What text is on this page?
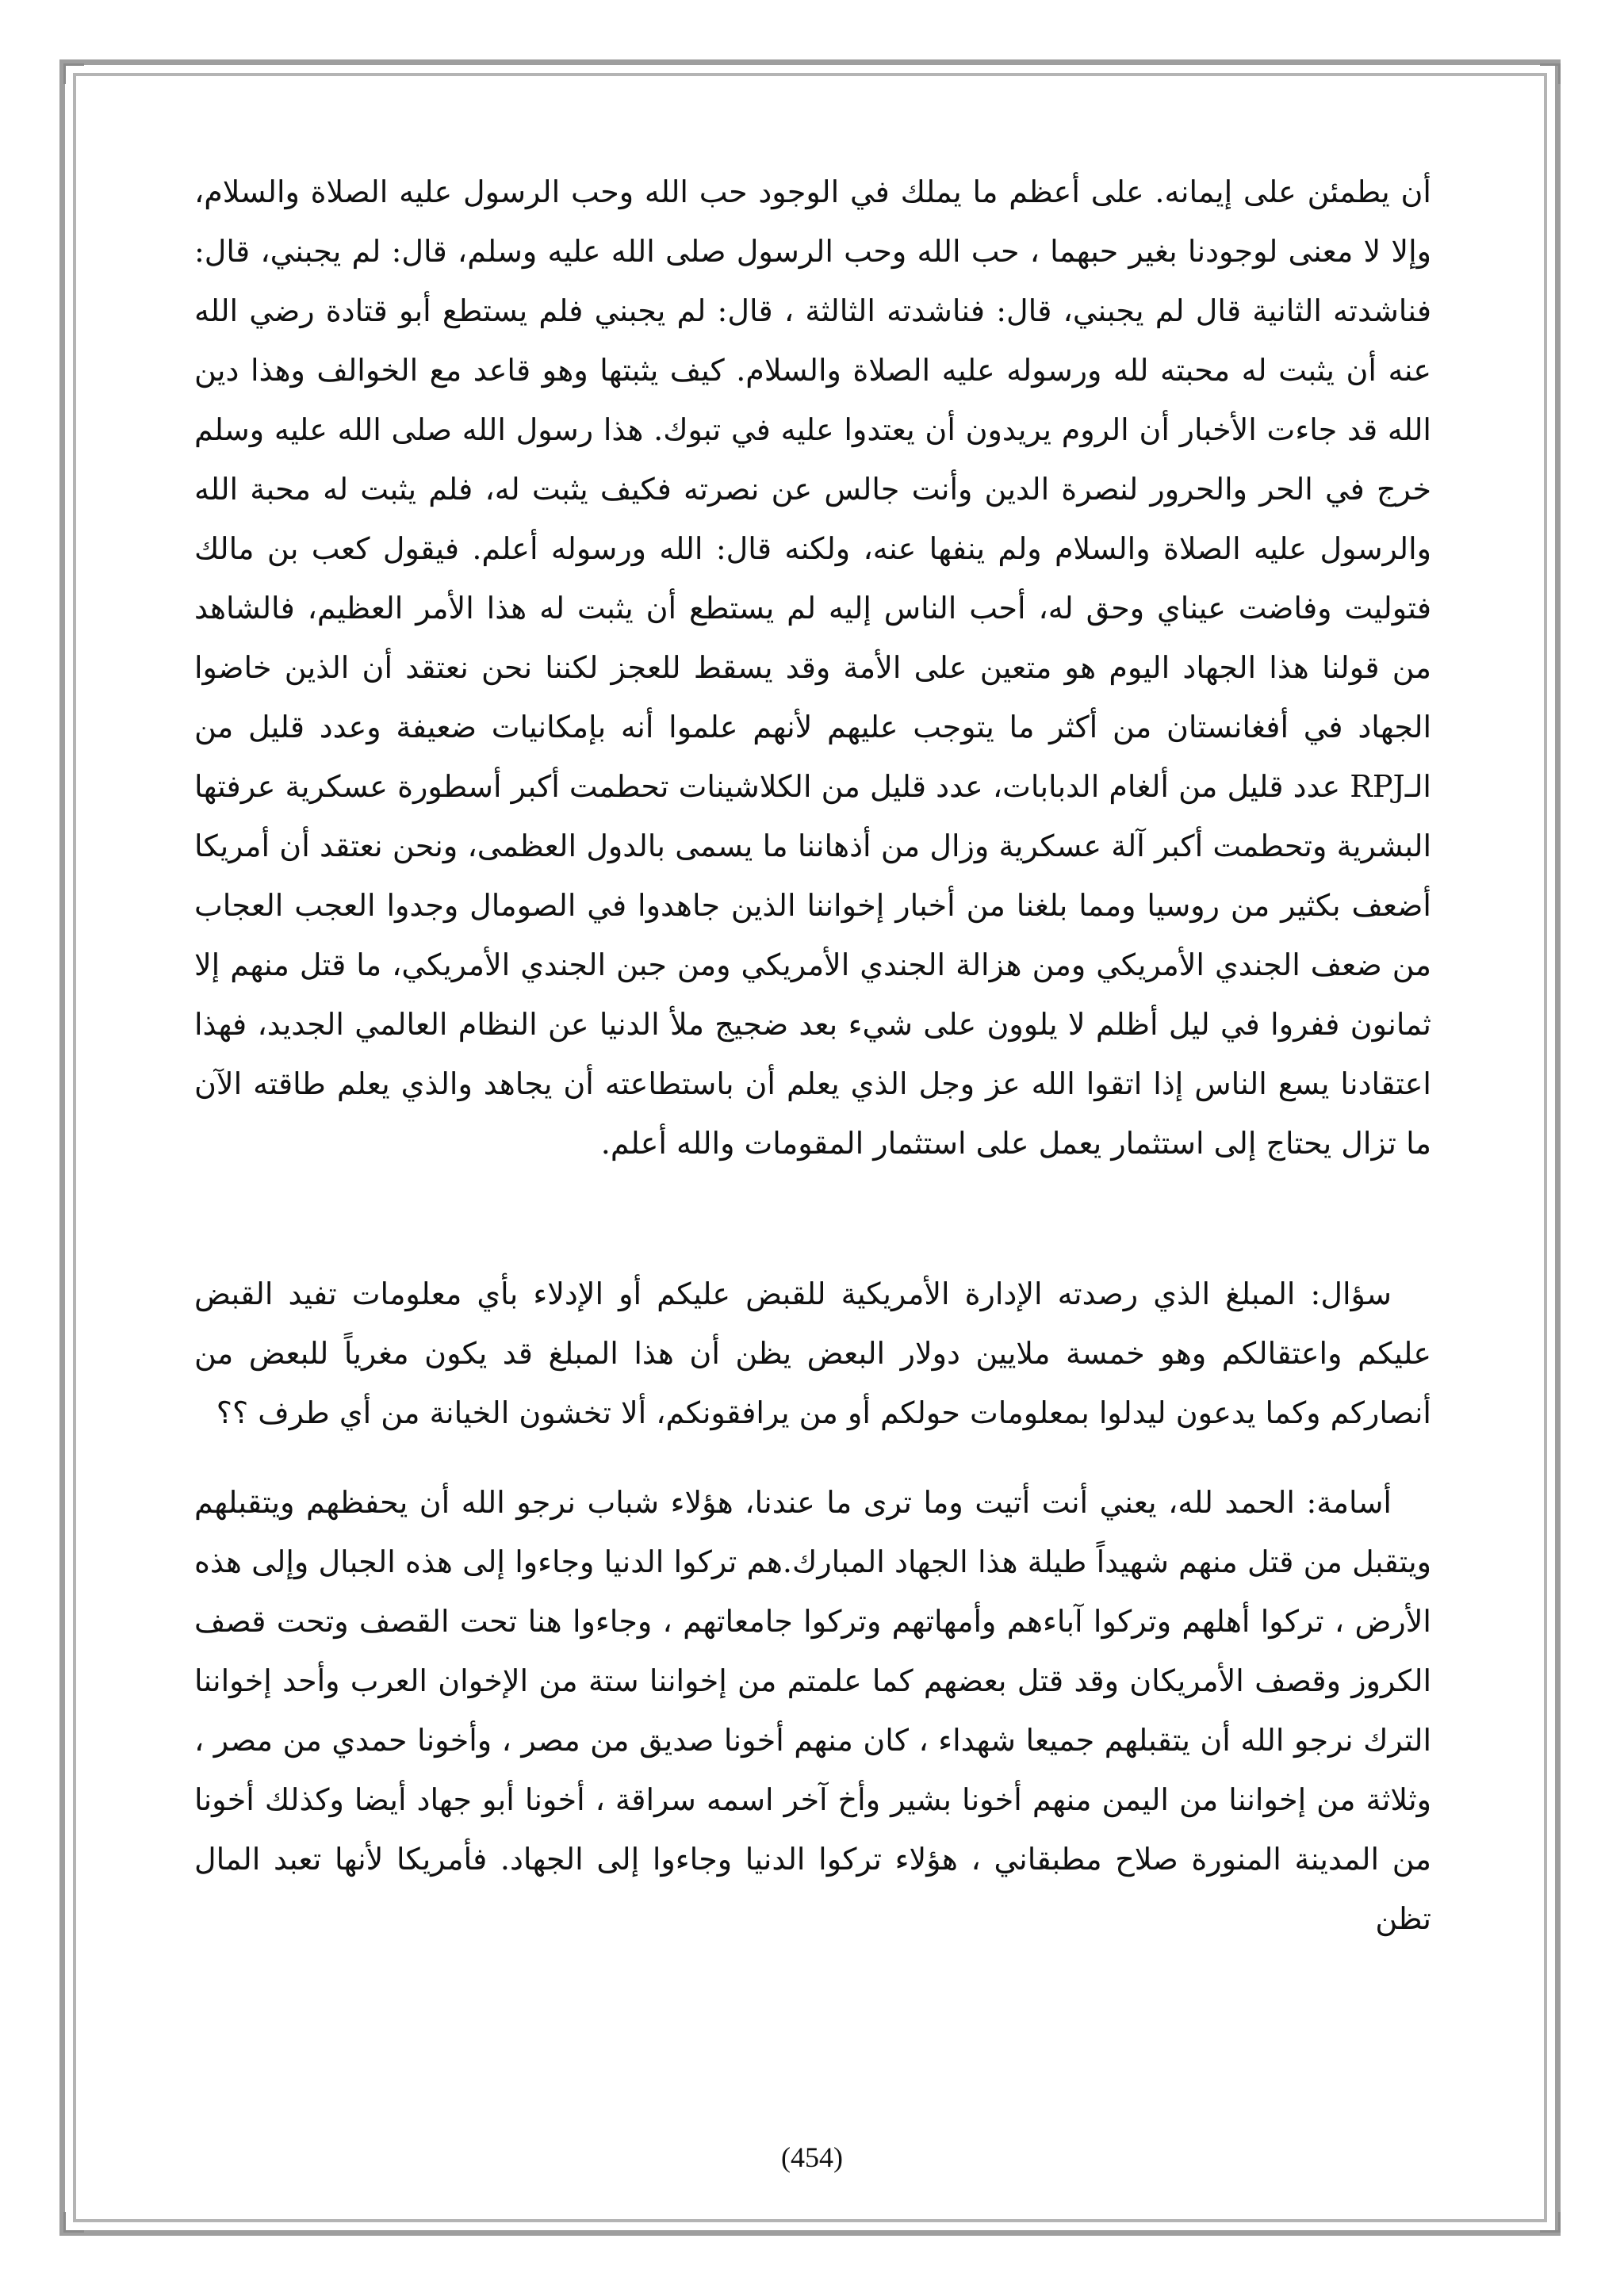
أن يطمئن على إيمانه. على أعظم ما يملك في الوجود حب الله وحب الرسول عليه الصلاة والسلام، وإلا لا معنى لوجودنا بغير حبهما ، حب الله وحب الرسول صلى الله عليه وسلم، قال: لم يجبني، قال: فناشدته الثانية قال لم يجبني، قال: فناشدته الثالثة ، قال: لم يجبني فلم يستطع أبو قتادة رضي الله عنه أن يثبت له محبته لله ورسوله عليه الصلاة والسلام. كيف يثبتها وهو قاعد مع الخوالف وهذا دين الله قد جاءت الأخبار أن الروم يريدون أن يعتدوا عليه في تبوك. هذا رسول الله صلى الله عليه وسلم خرج في الحر والحرور لنصرة الدين وأنت جالس عن نصرته فكيف يثبت له، فلم يثبت له محبة الله والرسول عليه الصلاة والسلام ولم ينفها عنه، ولكنه قال: الله ورسوله أعلم. فيقول كعب بن مالك فتوليت وفاضت عيناي وحق له، أحب الناس إليه لم يستطع أن يثبت له هذا الأمر العظيم، فالشاهد من قولنا هذا الجهاد اليوم هو متعين على الأمة وقد يسقط للعجز لكننا نحن نعتقد أن الذين خاضوا الجهاد في أفغانستان من أكثر ما يتوجب عليهم لأنهم علموا أنه بإمكانيات ضعيفة وعدد قليل من الـRPJ عدد قليل من ألغام الدبابات، عدد قليل من الكلاشينات تحطمت أكبر أسطورة عسكرية عرفتها البشرية وتحطمت أكبر آلة عسكرية وزال من أذهاننا ما يسمى بالدول العظمى، ونحن نعتقد أن أمريكا أضعف بكثير من روسيا ومما بلغنا من أخبار إخواننا الذين جاهدوا في الصومال وجدوا العجب العجاب من ضعف الجندي الأمريكي ومن هزالة الجندي الأمريكي ومن جبن الجندي الأمريكي، ما قتل منهم إلا ثمانون ففروا في ليل أظلم لا يلوون على شيء بعد ضجيج ملأ الدنيا عن النظام العالمي الجديد، فهذا اعتقادنا يسع الناس إذا اتقوا الله عز وجل الذي يعلم أن باستطاعته أن يجاهد والذي يعلم طاقته الآن ما تزال يحتاج إلى استثمار يعمل على استثمار المقومات والله أعلم.

سؤال: المبلغ الذي رصدته الإدارة الأمريكية للقبض عليكم أو الإدلاء بأي معلومات تفيد القبض عليكم واعتقالكم وهو خمسة ملايين دولار البعض يظن أن هذا المبلغ قد يكون مغرياً للبعض من أنصاركم وكما يدعون ليدلوا بمعلومات حولكم أو من يرافقونكم، ألا تخشون الخيانة من أي طرف ؟؟

أسامة: الحمد لله، يعني أنت أتيت وما ترى ما عندنا، هؤلاء شباب نرجو الله أن يحفظهم ويتقبلهم ويتقبل من قتل منهم شهيداً طيلة هذا الجهاد المبارك.هم تركوا الدنيا وجاءوا إلى هذه الجبال وإلى هذه الأرض ، تركوا أهلهم وتركوا آباءهم وأمهاتهم وتركوا جامعاتهم ، وجاءوا هنا تحت القصف وتحت قصف الكروز وقصف الأمريكان وقد قتل بعضهم كما علمتم من إخواننا ستة من الإخوان العرب وأحد إخواننا الترك نرجو الله أن يتقبلهم جميعا شهداء ، كان منهم أخونا صديق من مصر ، وأخونا حمدي من مصر ، وثلاثة من إخواننا من اليمن منهم أخونا بشير وأخ آخر اسمه سراقة ، أخونا أبو جهاد أيضا وكذلك أخونا من المدينة المنورة صلاح مطبقاني ، هؤلاء تركوا الدنيا وجاءوا إلى الجهاد. فأمريكا لأنها تعبد المال تظن

(454)
